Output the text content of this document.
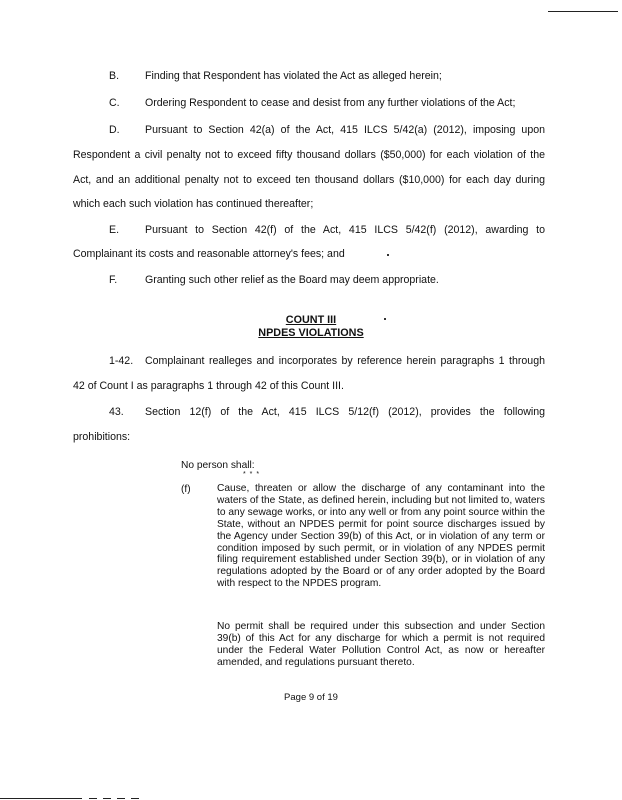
B. Finding that Respondent has violated the Act as alleged herein;
C. Ordering Respondent to cease and desist from any further violations of the Act;
D. Pursuant to Section 42(a) of the Act, 415 ILCS 5/42(a) (2012), imposing upon
Respondent a civil penalty not to exceed fifty thousand dollars ($50,000) for each violation of the
Act, and an additional penalty not to exceed ten thousand dollars ($10,000) for each day during
which each such violation has continued thereafter;
E. Pursuant to Section 42(f) of the Act, 415 ILCS 5/42(f) (2012), awarding to
Complainant its costs and reasonable attorney's fees; and
F.	Granting such other relief as the Board may deem appropriate.
COUNT III
NPDES VIOLATIONS
1-42. Complainant realleges and incorporates by reference herein paragraphs 1 through
42 of Count I as paragraphs 1 through 42 of this Count III.
43. Section 12(f) of the Act, 415 ILCS 5/12(f) (2012), provides the following
prohibitions:
No person shall:
* * *
(f)	Cause, threaten or allow the discharge of any contaminant into the waters of the State, as defined herein, including but not limited to, waters to any sewage works, or into any well or from any point source within the State, without an NPDES permit for point source discharges issued by the Agency under Section 39(b) of this Act, or in violation of any term or condition imposed by such permit, or in violation of any NPDES permit filing requirement established under Section 39(b), or in violation of any regulations adopted by the Board or of any order adopted by the Board with respect to the NPDES program.
No permit shall be required under this subsection and under Section 39(b) of this Act for any discharge for which a permit is not required under the Federal Water Pollution Control Act, as now or hereafter amended, and regulations pursuant thereto.
Page 9 of 19
